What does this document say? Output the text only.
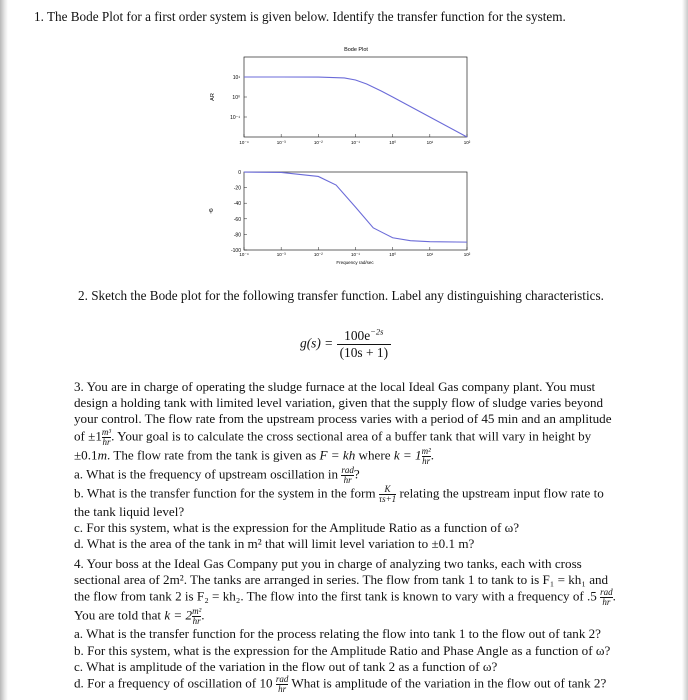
1. The Bode Plot for a first order system is given below. Identify the transfer function for the system.
Bode Plot
AR
10¹
10⁰
10⁻¹
10⁻⁴	10⁻³	10⁻²	10⁻¹	10⁰	10¹	10²
φ
0
-20
-40
-60
-80
-100
10⁻⁴	10⁻³	10⁻²	10⁻¹	10⁰	10¹	10²
Frequency rad/sec
2. Sketch the Bode plot for the following transfer function. Label any distinguishing characteristics.
$g(s) = \frac{100e^{-2s}}{(10s + 1)}$
3. You are in charge of operating the sludge furnace at the local Ideal Gas company plant. You must
design a holding tank with limited level variation, given that the supply flow of sludge varies beyond
your control. The flow rate from the upstream process varies with a period of 45 min and an amplitude
of $\pm 1 \frac{\text{m³}}{hr}$ . Your goal is to calculate the cross sectional area of a buffer tank that will vary in height by
±0.1m. The flow rate from the tank is given as F = kh where $k = 1 \frac{\text{m²}}{hr}$ .
a. What is the frequency of upstream oscillation in $\frac{\text{rad}}{hr}$ ?
b. What is the transfer function for the system in the form $\frac{K}{\tau s+1}$ relating the upstream input flow rate to
the tank liquid level?
c. For this system, what is the expression for the Amplitude Ratio as a function of ω?
d. What is the area of the tank in m² that will limit level variation to ±0.1 m?
4. Your boss at the Ideal Gas Company put you in charge of analyzing two tanks, each with cross
sectional area of 2m². The tanks are arranged in series. The flow from tank 1 to tank to is F₁ = kh₁ and
the flow from tank 2 is F₂ = kh₂. The flow into the first tank is known to vary with a frequency of $.5 \frac{\text{rad}}{hr}$ .
You are told that $k = 2 \frac{\text{m²}}{hr}$ .
a. What is the transfer function for the process relating the flow into tank 1 to the flow out of tank 2?
b. For this system, what is the expression for the Amplitude Ratio and Phase Angle as a function of ω?
c. What is amplitude of the variation in the flow out of tank 2 as a function of ω?
d. For a frequency of oscillation of $10 \frac{\text{rad}}{hr}$ What is amplitude of the variation in the flow out of tank 2?
